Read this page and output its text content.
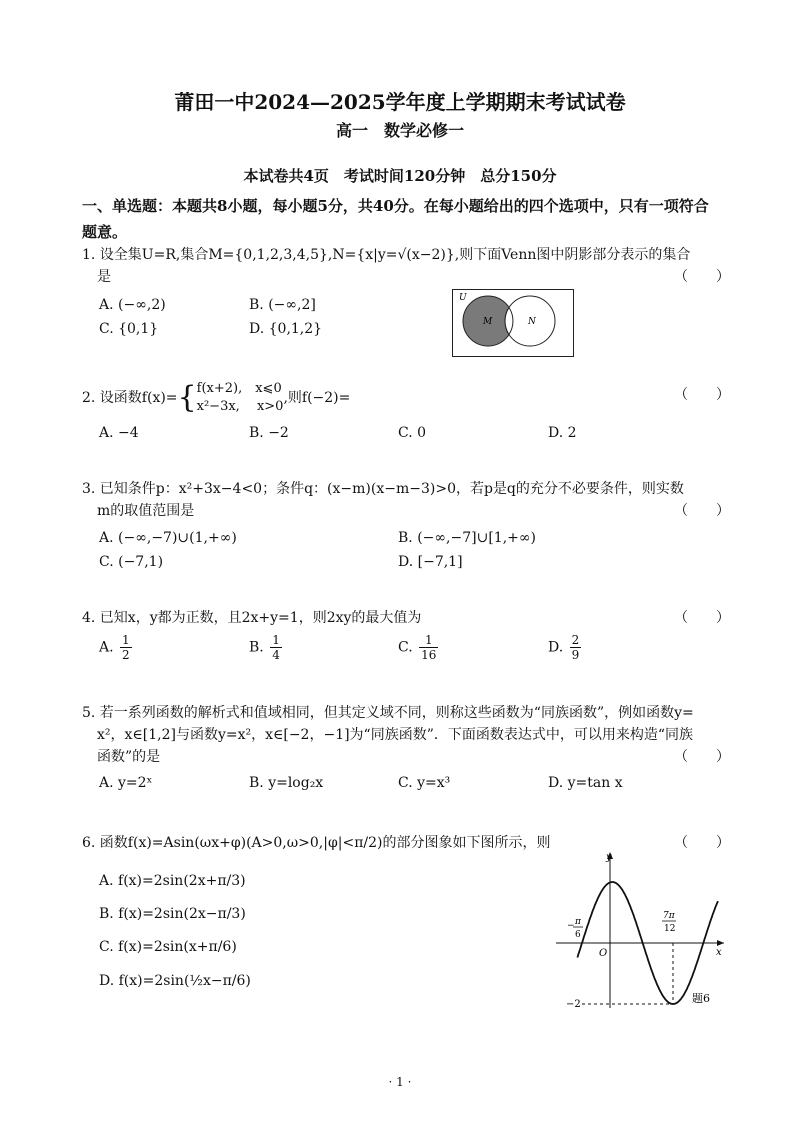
莆田一中2024—2025学年度上学期期末考试试卷
高一　数学必修一
本试卷共4页　考试时间120分钟　总分150分
一、单选题：本题共8小题，每小题5分，共40分。在每小题给出的四个选项中，只有一项符合
题意。
1. 设全集U=R,集合M={0,1,2,3,4,5},N={x|y=√(x−2)},则下面Venn图中阴影部分表示的集合
是	（　　）
A. (−∞,2)	B. (−∞,2]
C. {0,1}	D. {0,1,2}
U
M	N
2. 设函数f(x)={ f(x+2),　x⩽0
x²−3x,　 x>0
,则f(−2)=	（　　）
A. −4	B. −2	C. 0	D. 2
3. 已知条件p：x²+3x−4<0；条件q：(x−m)(x−m−3)>0，若p是q的充分不必要条件，则实数
m的取值范围是	（　　）
A. (−∞,−7)∪(1,+∞)	B. (−∞,−7]∪[1,+∞)
C. (−7,1)	D. [−7,1]
4. 已知x，y都为正数，且2x+y=1，则2xy的最大值为	（　　）
A. $\frac{1}{2}$	B. $\frac{1}{4}$	C. $\frac{1}{16}$	D. $\frac{2}{9}$
5. 若一系列函数的解析式和值域相同，但其定义域不同，则称这些函数为“同族函数”，例如函数y=
x²，x∈[1,2]与函数y=x²，x∈[−2，−1]为“同族函数”．下面函数表达式中，可以用来构造“同族
函数”的是	（　　）
A. y=2ˣ	B. y=log₂x	C. y=x³	D. y=tan x
6. 函数f(x)=Asin(ωx+φ)(A>0,ω>0,|φ|<π/2)的部分图象如下图所示，则	（　　）
A. f(x)=2sin(2x+π/3)
B. f(x)=2sin(2x−π/3)
C. f(x)=2sin(x+π/6)
D. f(x)=2sin(½x−π/6)
y
x
O
− π
6
7π
12
−2	题6
· 1 ·
